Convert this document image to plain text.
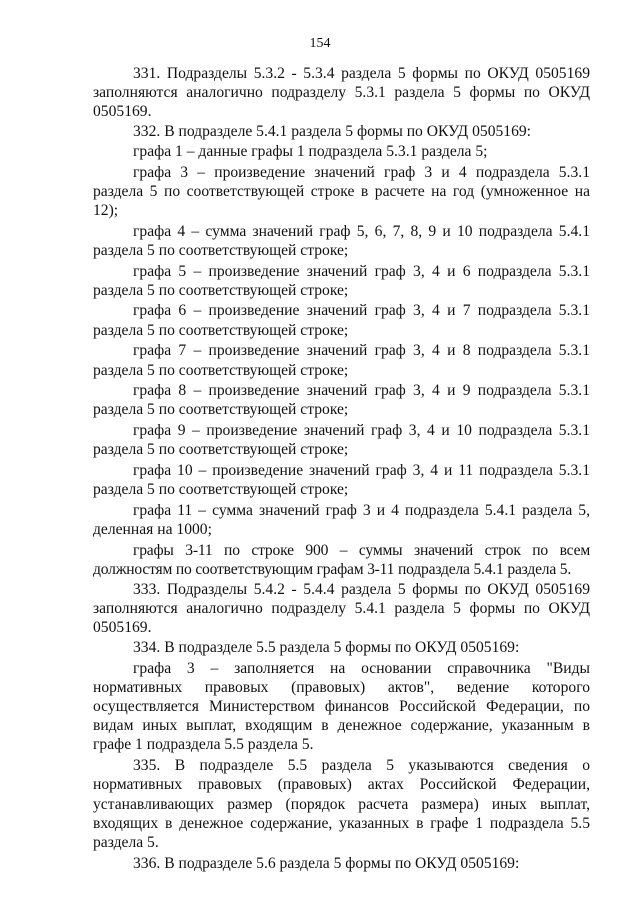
154

331. Подразделы 5.3.2 - 5.3.4 раздела 5 формы по ОКУД 0505169 заполняются аналогично подразделу 5.3.1 раздела 5 формы по ОКУД 0505169.

332. В подразделе 5.4.1 раздела 5 формы по ОКУД 0505169:

графа 1 – данные графы 1 подраздела 5.3.1 раздела 5;

графа 3 – произведение значений граф 3 и 4 подраздела 5.3.1 раздела 5 по соответствующей строке в расчете на год (умноженное на 12);

графа 4 – сумма значений граф 5, 6, 7, 8, 9 и 10 подраздела 5.4.1 раздела 5 по соответствующей строке;

графа 5 – произведение значений граф 3, 4 и 6 подраздела 5.3.1 раздела 5 по соответствующей строке;

графа 6 – произведение значений граф 3, 4 и 7 подраздела 5.3.1 раздела 5 по соответствующей строке;

графа 7 – произведение значений граф 3, 4 и 8 подраздела 5.3.1 раздела 5 по соответствующей строке;

графа 8 – произведение значений граф 3, 4 и 9 подраздела 5.3.1 раздела 5 по соответствующей строке;

графа 9 – произведение значений граф 3, 4 и 10 подраздела 5.3.1 раздела 5 по соответствующей строке;

графа 10 – произведение значений граф 3, 4 и 11 подраздела 5.3.1 раздела 5 по соответствующей строке;

графа 11 – сумма значений граф 3 и 4 подраздела 5.4.1 раздела 5, деленная на 1000;

графы 3-11 по строке 900 – суммы значений строк по всем должностям по соответствующим графам 3-11 подраздела 5.4.1 раздела 5.

333. Подразделы 5.4.2 - 5.4.4 раздела 5 формы по ОКУД 0505169 заполняются аналогично подразделу 5.4.1 раздела 5 формы по ОКУД 0505169.

334. В подразделе 5.5 раздела 5 формы по ОКУД 0505169:

графа 3 – заполняется на основании справочника "Виды нормативных правовых (правовых) актов", ведение которого осуществляется Министерством финансов Российской Федерации, по видам иных выплат, входящим в денежное содержание, указанным в графе 1 подраздела 5.5 раздела 5.

335. В подразделе 5.5 раздела 5 указываются сведения о нормативных правовых (правовых) актах Российской Федерации, устанавливающих размер (порядок расчета размера) иных выплат, входящих в денежное содержание, указанных в графе 1 подраздела 5.5 раздела 5.

336. В подразделе 5.6 раздела 5 формы по ОКУД 0505169:
